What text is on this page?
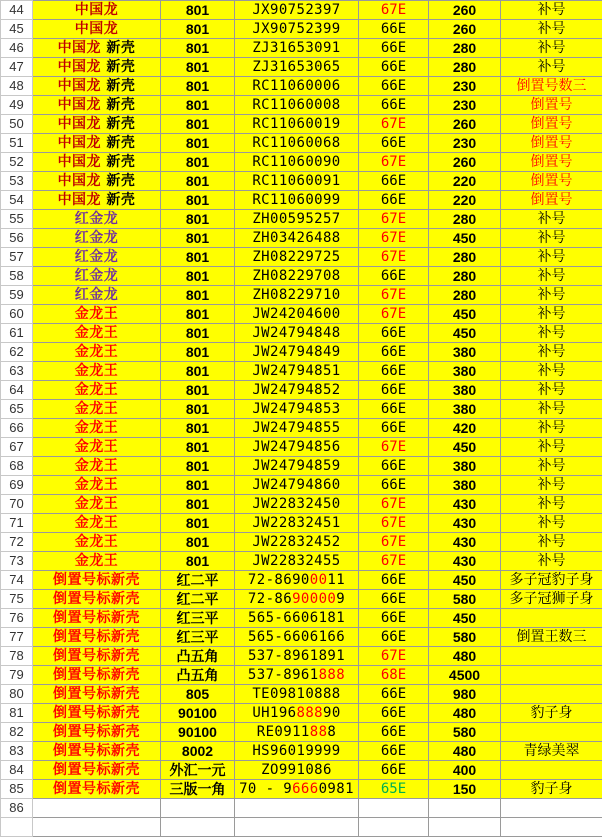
44	中国龙	801	JX90752397	67E	260	补号
45	中国龙	801	JX90752399	66E	260	补号
46	中国龙 新壳	801	ZJ31653091	66E	280	补号
47	中国龙 新壳	801	ZJ31653065	66E	280	补号
48	中国龙 新壳	801	RC11060006	66E	230	倒置号数三
49	中国龙 新壳	801	RC11060008	66E	230	倒置号
50	中国龙 新壳	801	RC11060019	67E	260	倒置号
51	中国龙 新壳	801	RC11060068	66E	230	倒置号
52	中国龙 新壳	801	RC11060090	67E	260	倒置号
53	中国龙 新壳	801	RC11060091	66E	220	倒置号
54	中国龙 新壳	801	RC11060099	66E	220	倒置号
55	红金龙	801	ZH00595257	67E	280	补号
56	红金龙	801	ZH03426488	67E	450	补号
57	红金龙	801	ZH08229725	67E	280	补号
58	红金龙	801	ZH08229708	66E	280	补号
59	红金龙	801	ZH08229710	67E	280	补号
60	金龙王	801	JW24204600	67E	450	补号
61	金龙王	801	JW24794848	66E	450	补号
62	金龙王	801	JW24794849	66E	380	补号
63	金龙王	801	JW24794851	66E	380	补号
64	金龙王	801	JW24794852	66E	380	补号
65	金龙王	801	JW24794853	66E	380	补号
66	金龙王	801	JW24794855	66E	420	补号
67	金龙王	801	JW24794856	67E	450	补号
68	金龙王	801	JW24794859	66E	380	补号
69	金龙王	801	JW24794860	66E	380	补号
70	金龙王	801	JW22832450	67E	430	补号
71	金龙王	801	JW22832451	67E	430	补号
72	金龙王	801	JW22832452	67E	430	补号
73	金龙王	801	JW22832455	67E	430	补号
74	倒置号标新壳	红二平	72-86900011	66E	450	多子冠豹子身
75	倒置号标新壳	红二平	72-86900009	66E	580	多子冠狮子身
76	倒置号标新壳	红三平	565-6606181	66E	450	
77	倒置号标新壳	红三平	565-6606166	66E	580	倒置王数三
78	倒置号标新壳	凸五角	537-8961891	67E	480	
79	倒置号标新壳	凸五角	537-8961888	68E	4500	
80	倒置号标新壳	805	TE09810888	66E	980	
81	倒置号标新壳	90100	UH19688890	66E	480	豹子身
82	倒置号标新壳	90100	RE0911888	66E	580	
83	倒置号标新壳	8002	HS96019999	66E	480	青绿美翠
84	倒置号标新壳	外汇一元	ZO991086	66E	400	
85	倒置号标新壳	三版一角	70 - 96660981	65E	150	豹子身
86						
